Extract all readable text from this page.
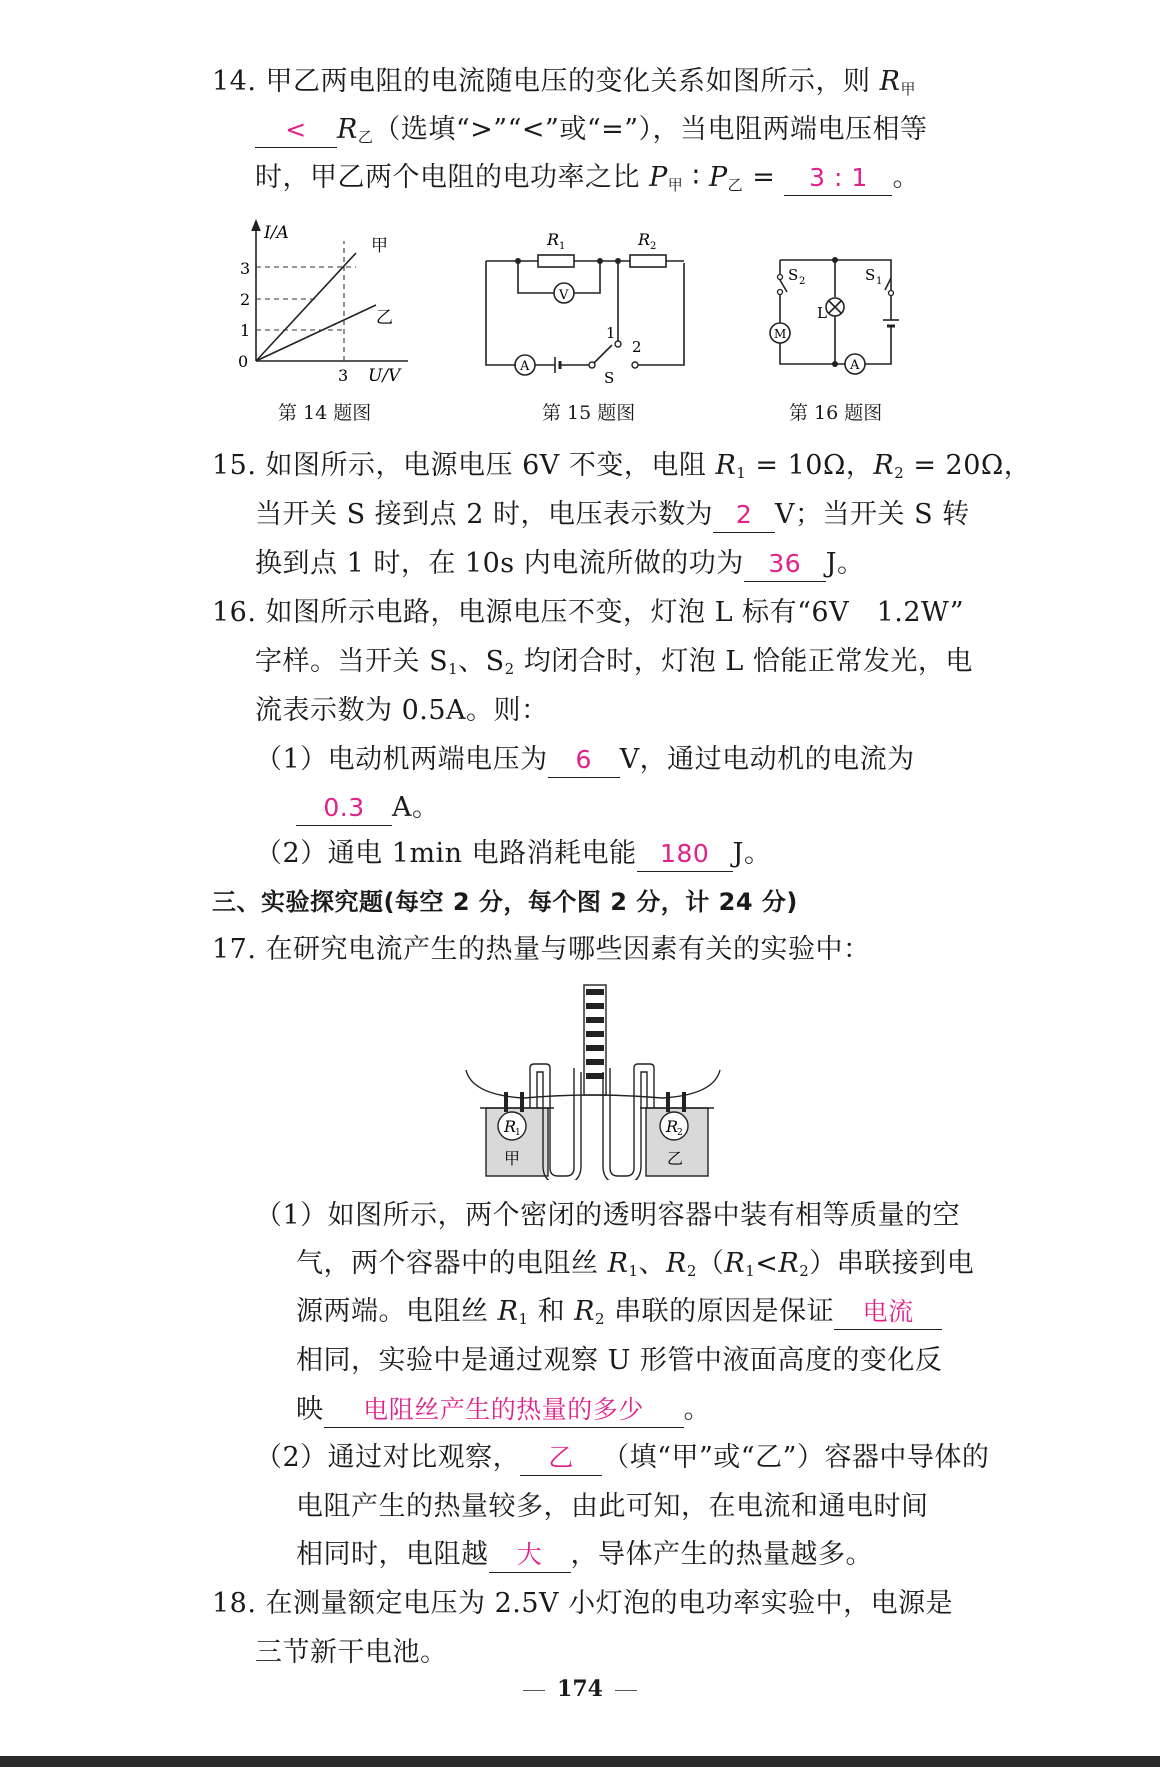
14. 甲乙两电阻的电流随电压的变化关系如图所示，则 $R_甲$
< $R_乙$（选填“>”“<”或“=”），当电阻两端电压相等
时，甲乙两个电阻的电功率之比 $P_甲$ ∶ $P_乙 = 3$ : 1 。
I/A
3
2
1
0
3 U/V
甲
乙
R 1	R 2
V
A
S
1
2
S 2	S 1
L
M
A
第 14 题图	第 15 题图	第 16 题图
15. 如图所示，电源电压 6V 不变，电阻 $R_1 = 10\Omega$，$R_2 = 20\Omega$，
当开关 S 接到点 2 时，电压表示数为 2 V；当开关 S 转
换到点 1 时，在 10s 内电流所做的功为 36 J。
16. 如图所示电路，电源电压不变，灯泡 L 标有“6V　1.2W”
字样。当开关 $S_1$、$S_2$ 均闭合时，灯泡 L 恰能正常发光，电
流表示数为 0.5A。则：
（1）电动机两端电压为 6 V，通过电动机的电流为
0.3 A。
（2）通电 1min 电路消耗电能 180 J。
三、实验探究题(每空 2 分，每个图 2 分，计 24 分)
17. 在研究电流产生的热量与哪些因素有关的实验中：
R
1	R
2
甲	乙
（1）如图所示，两个密闭的透明容器中装有相等质量的空
气，两个容器中的电阻丝 $R_1$、$R_2(R_1<R_2)$串联接到电
源两端。电阻丝 $R_1$ 和 $R_2$ 串联的原因是保证 电流
相同，实验中是通过观察 U 形管中液面高度的变化反
映 电阻丝产生的热量的多少 。
（2）通过对比观察， 乙 （填“甲”或“乙”）容器中导体的
电阻产生的热量较多，由此可知，在电流和通电时间
相同时，电阻越 大 ，导体产生的热量越多。
18. 在测量额定电压为 2.5V 小灯泡的电功率实验中，电源是
三节新干电池。
174
